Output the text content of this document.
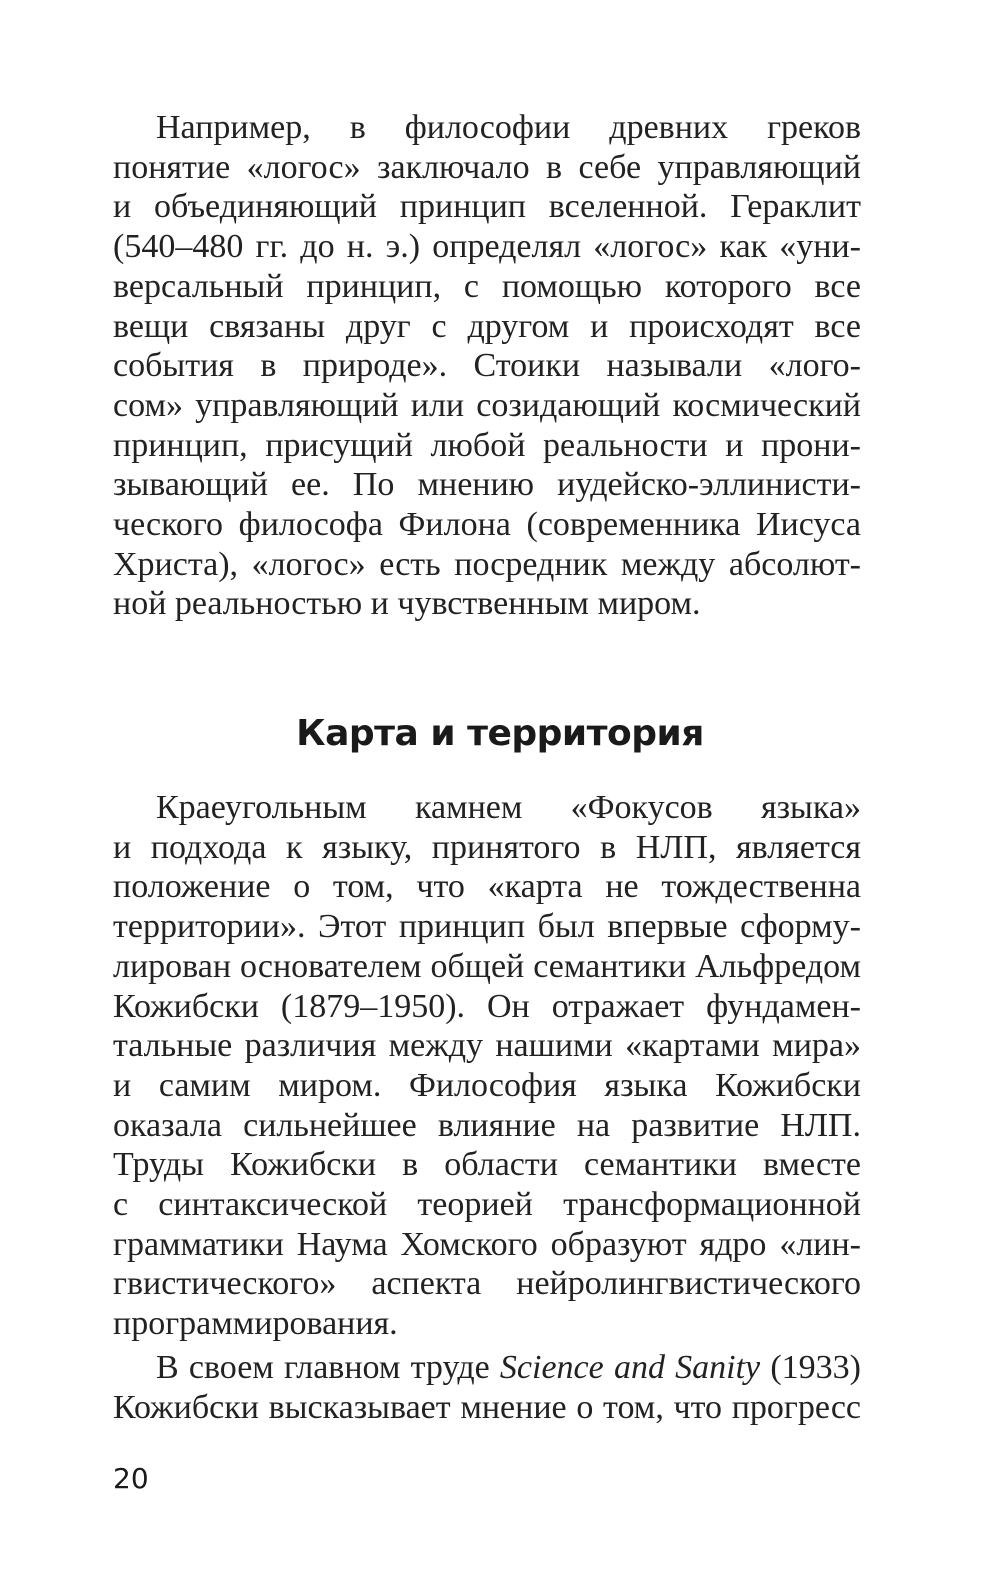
Например, в философии древних греков
понятие «логос» заключало в себе управляющий
и объединяющий принцип вселенной. Гераклит
(540–480 гг. до н. э.) определял «логос» как «уни-
версальный принцип, с помощью которого все
вещи связаны друг с другом и происходят все
события в природе». Стоики называли «лого-
сом» управляющий или созидающий космический
принцип, присущий любой реальности и прони-
зывающий ее. По мнению иудейско-эллинисти-
ческого философа Филона (современника Иисуса
Христа), «логос» есть посредник между абсолют-
ной реальностью и чувственным миром.
Карта и территория
Краеугольным камнем «Фокусов языка»
и подхода к языку, принятого в НЛП, является
положение о том, что «карта не тождественна
территории». Этот принцип был впервые сформу-
лирован основателем общей семантики Альфредом
Кожибски (1879–1950). Он отражает фундамен-
тальные различия между нашими «картами мира»
и самим миром. Философия языка Кожибски
оказала сильнейшее влияние на развитие НЛП.
Труды Кожибски в области семантики вместе
с синтаксической теорией трансформационной
грамматики Наума Хомского образуют ядро «лин-
гвистического» аспекта нейролингвистического
программирования.
В своем главном труде Science and Sanity (1933)
Кожибски высказывает мнение о том, что прогресс
20
